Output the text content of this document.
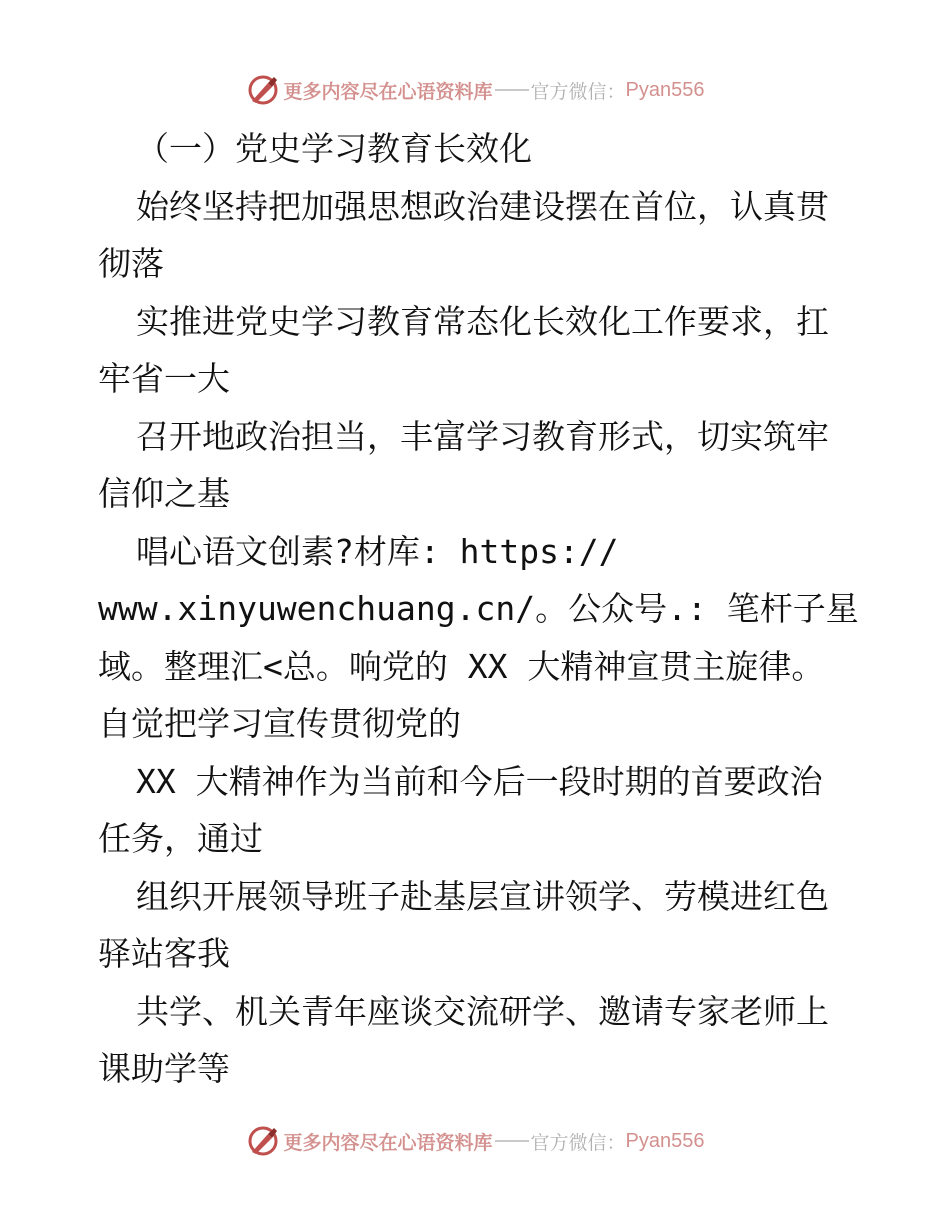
更多内容尽在心语资料库 官方微信： Pyan556
（一）党史学习教育长效化
始终坚持把加强思想政治建设摆在首位，认真贯
彻落
实推进党史学习教育常态化长效化工作要求，扛
牢省一大
召开地政治担当，丰富学习教育形式，切实筑牢
信仰之基
唱心语文创素?材库: https://
www.xinyuwenchuang.cn/。公众号.: 笔杆子星
域。整理汇<总。响党的 XX 大精神宣贯主旋律。
自觉把学习宣传贯彻党的
XX 大精神作为当前和今后一段时期的首要政治
任务，通过
组织开展领导班子赴基层宣讲领学、劳模进红色
驿站客我
共学、机关青年座谈交流研学、邀请专家老师上
课助学等
更多内容尽在心语资料库 官方微信： Pyan556
